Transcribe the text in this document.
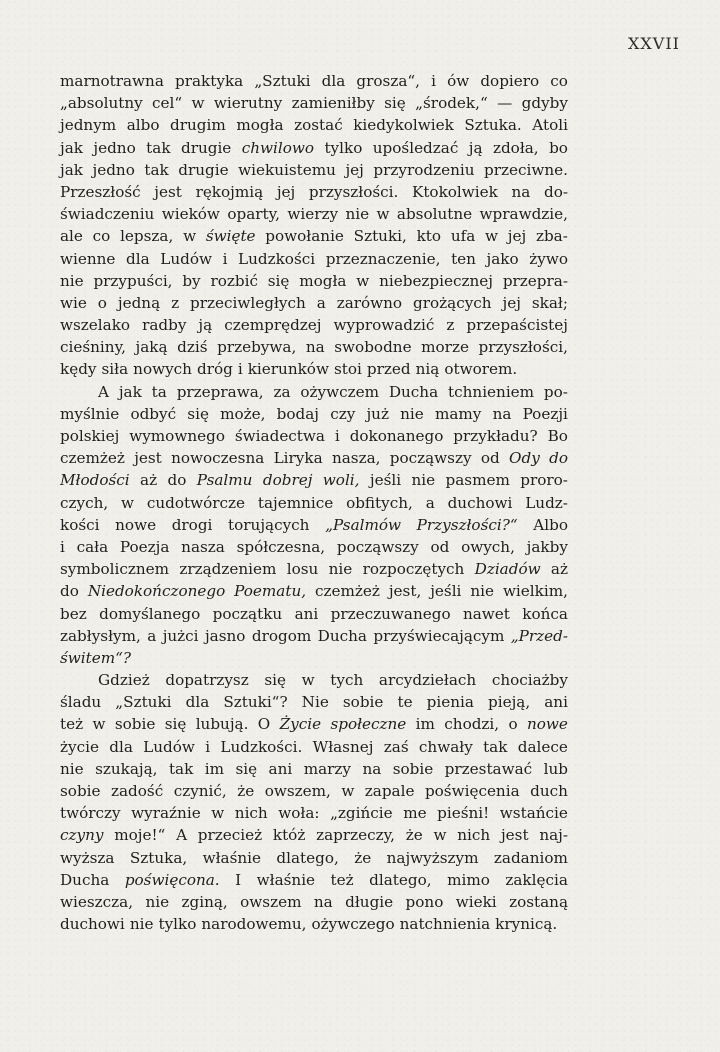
XXVII
marnotrawna praktyka „Sztuki dla grosza“, i ów dopiero co
„absolutny cel“ w wierutny zamieniłby się „środek,“ — gdyby
jednym albo drugim mogła zostać kiedykolwiek Sztuka. Atoli
jak jedno tak drugie chwilowo tylko upośledzać ją zdoła, bo
jak jedno tak drugie wiekuistemu jej przyrodzeniu przeciwne.
Przeszłość jest rękojmią jej przyszłości. Ktokolwiek na do-
świadczeniu wieków oparty, wierzy nie w absolutne wprawdzie,
ale co lepsza, w święte powołanie Sztuki, kto ufa w jej zba-
wienne dla Ludów i Ludzkości przeznaczenie, ten jako żywo
nie przypuści, by rozbić się mogła w niebezpiecznej przepra-
wie o jedną z przeciwległych a zarówno grożących jej skał;
wszelako radby ją czemprędzej wyprowadzić z przepaścistej
cieśniny, jaką dziś przebywa, na swobodne morze przyszłości,
kędy siła nowych dróg i kierunków stoi przed nią otworem.
A jak ta przeprawa, za ożywczem Ducha tchnieniem po-
myślnie odbyć się może, bodaj czy już nie mamy na Poezji
polskiej wymownego świadectwa i dokonanego przykładu? Bo
czemżeż jest nowoczesna Liryka nasza, począwszy od Ody do
Młodości aż do Psalmu dobrej woli, jeśli nie pasmem proro-
czych, w cudotwórcze tajemnice obfitych, a duchowi Ludz-
kości nowe drogi torujących „Psalmów Przyszłości?“ Albo
i cała Poezja nasza spółczesna, począwszy od owych, jakby
symbolicznem zrządzeniem losu nie rozpoczętych Dziadów aż
do Niedokończonego Poematu, czemżeż jest, jeśli nie wielkim,
bez domyślanego początku ani przeczuwanego nawet końca
zabłysłym, a jużci jasno drogom Ducha przyświecającym „Przed-
świtem“?
Gdzież dopatrzysz się w tych arcydziełach chociażby
śladu „Sztuki dla Sztuki“? Nie sobie te pienia pieją, ani
też w sobie się lubują. O Życie społeczne im chodzi, o nowe
życie dla Ludów i Ludzkości. Własnej zaś chwały tak dalece
nie szukają, tak im się ani marzy na sobie przestawać lub
sobie zadość czynić, że owszem, w zapale poświęcenia duch
twórczy wyraźnie w nich woła: „zgińcie me pieśni! wstańcie
czyny moje!“ A przecież któż zaprzeczy, że w nich jest naj-
wyższa Sztuka, właśnie dlatego, że najwyższym zadaniom
Ducha poświęcona. I właśnie też dlatego, mimo zaklęcia
wieszcza, nie zginą, owszem na długie pono wieki zostaną
duchowi nie tylko narodowemu, ożywczego natchnienia krynicą.
